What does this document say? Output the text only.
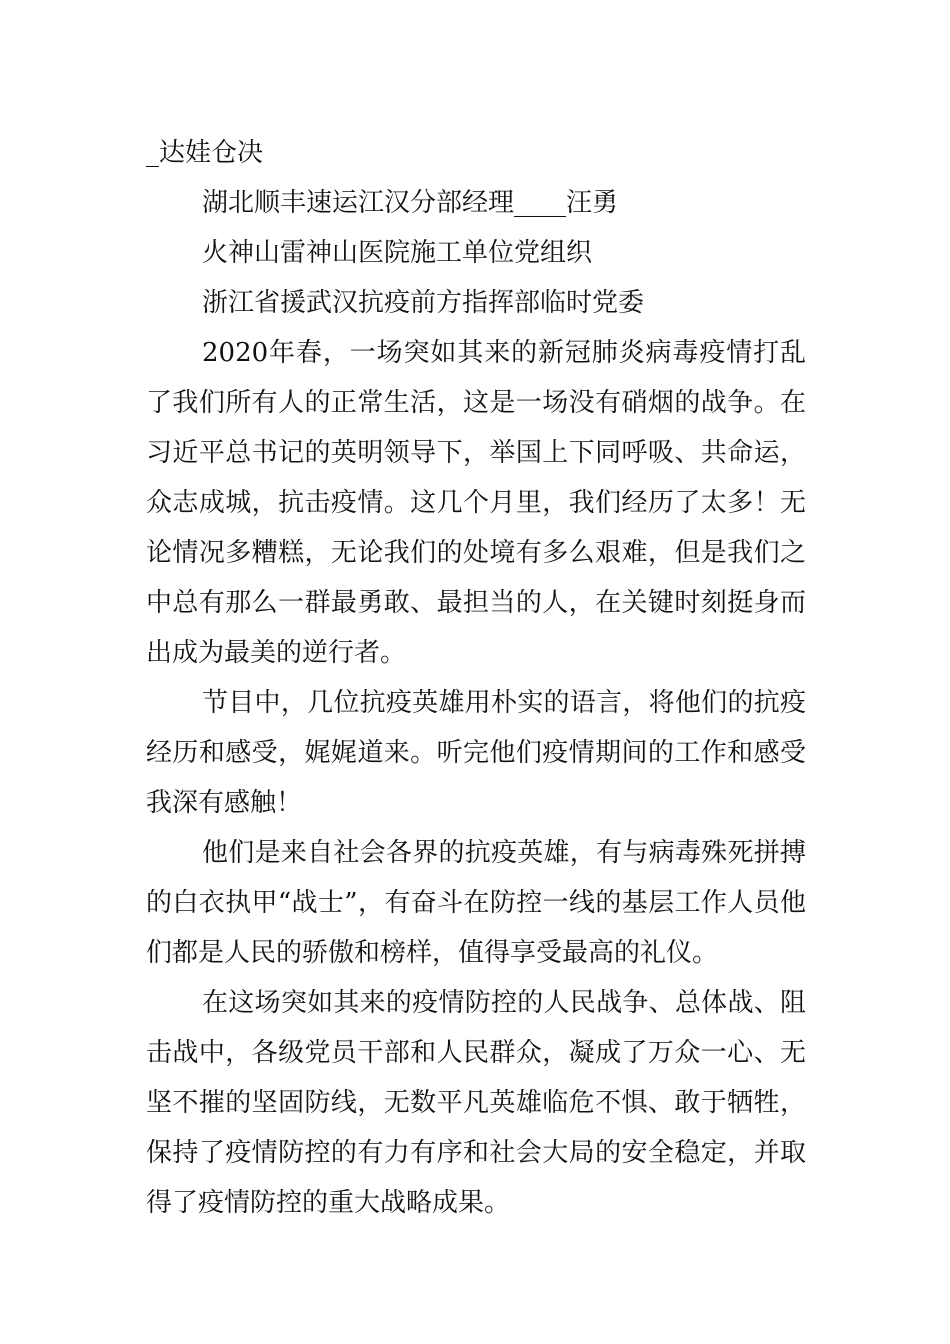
_达娃仓决
湖北顺丰速运江汉分部经理____汪勇
火神山雷神山医院施工单位党组织
浙江省援武汉抗疫前方指挥部临时党委

2020年春，一场突如其来的新冠肺炎病毒疫情打乱了我们所有人的正常生活，这是一场没有硝烟的战争。在习近平总书记的英明领导下，举国上下同呼吸、共命运，众志成城，抗击疫情。这几个月里，我们经历了太多！无论情况多糟糕，无论我们的处境有多么艰难，但是我们之中总有那么一群最勇敢、最担当的人，在关键时刻挺身而出成为最美的逆行者。

节目中，几位抗疫英雄用朴实的语言，将他们的抗疫经历和感受，娓娓道来。听完他们疫情期间的工作和感受我深有感触！

他们是来自社会各界的抗疫英雄，有与病毒殊死拼搏的白衣执甲“战士”，有奋斗在防控一线的基层工作人员他们都是人民的骄傲和榜样，值得享受最高的礼仪。

在这场突如其来的疫情防控的人民战争、总体战、阻击战中，各级党员干部和人民群众，凝成了万众一心、无坚不摧的坚固防线，无数平凡英雄临危不惧、敢于牺牲，保持了疫情防控的有力有序和社会大局的安全稳定，并取得了疫情防控的重大战略成果。
